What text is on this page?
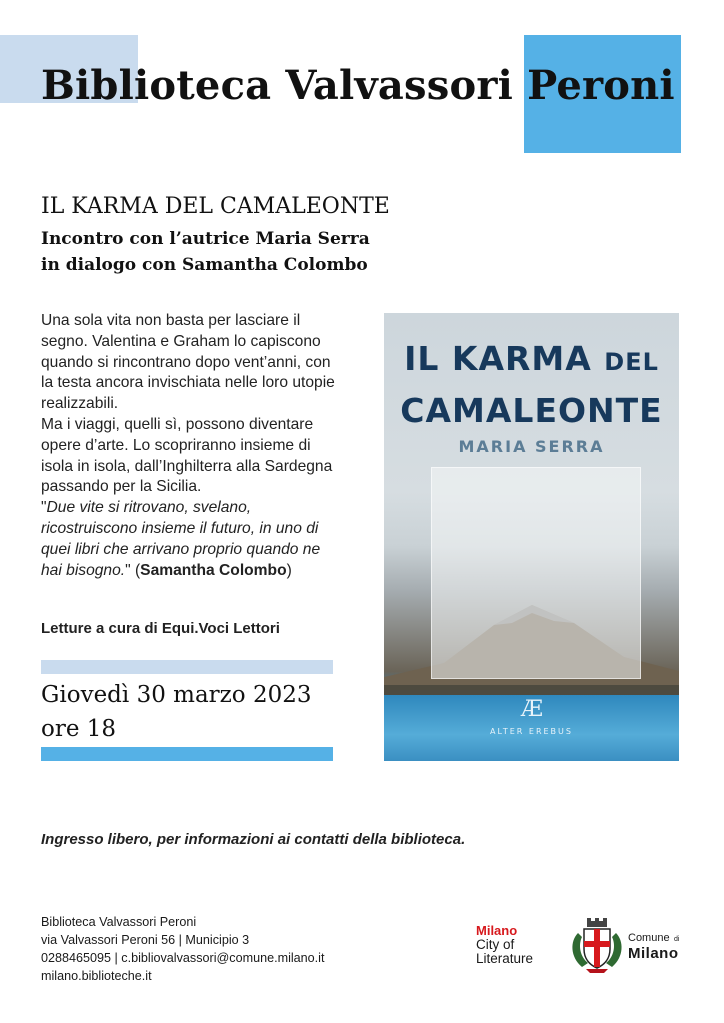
Biblioteca Valvassori Peroni
IL KARMA DEL CAMALEONTE
Incontro con l’autrice Maria Serra
in dialogo con Samantha Colombo

Una sola vita non basta per lasciare il segno. Valentina e Graham lo capiscono quando si rincontrano dopo vent’anni, con la testa ancora invischiata nelle loro utopie realizzabili.

Ma i viaggi, quelli sì, possono diventare opere d’arte. Lo scopriranno insieme di isola in isola, dall’Inghilterra alla Sardegna passando per la Sicilia.

"Due vite si ritrovano, svelano, ricostruiscono insieme il futuro, in uno di quei libri che arrivano proprio quando ne hai bisogno." (Samantha Colombo)

Letture a cura di Equi.Voci Lettori
Giovedì 30 marzo 2023
ore 18
IL KARMA DEL
CAMALEONTE
MARIA SERRA
Æ
ALTER EREBUS
Ingresso libero, per informazioni ai contatti della biblioteca.
Biblioteca Valvassori Peroni
via Valvassori Peroni 56 | Municipio 3
0288465095 | c.bibliovalvassori@comune.milano.it
milano.biblioteche.it
Milano
City of
Literature
Comune di
Milano
